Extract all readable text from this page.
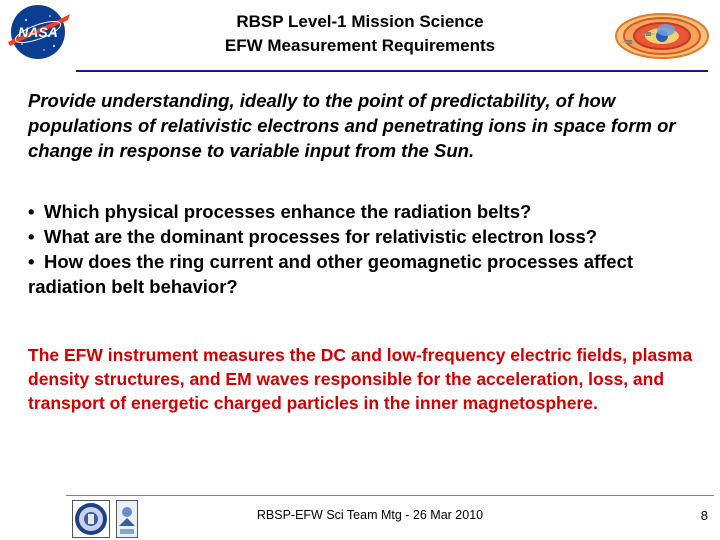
NASA
RBSP Level-1 Mission Science
EFW Measurement Requirements
Provide understanding, ideally to the point of predictability, of how populations of relativistic electrons and penetrating ions in space form or change in response to variable input from the Sun.
• Which physical processes enhance the radiation belts?
• What are the dominant processes for relativistic electron loss?
• How does the ring current and other geomagnetic processes affect radiation belt behavior?
The EFW instrument measures the DC and low-frequency electric fields, plasma density structures, and EM waves responsible for the acceleration, loss, and transport of energetic charged particles in the inner magnetosphere.
RBSP-EFW Sci Team Mtg - 26 Mar 2010	8
